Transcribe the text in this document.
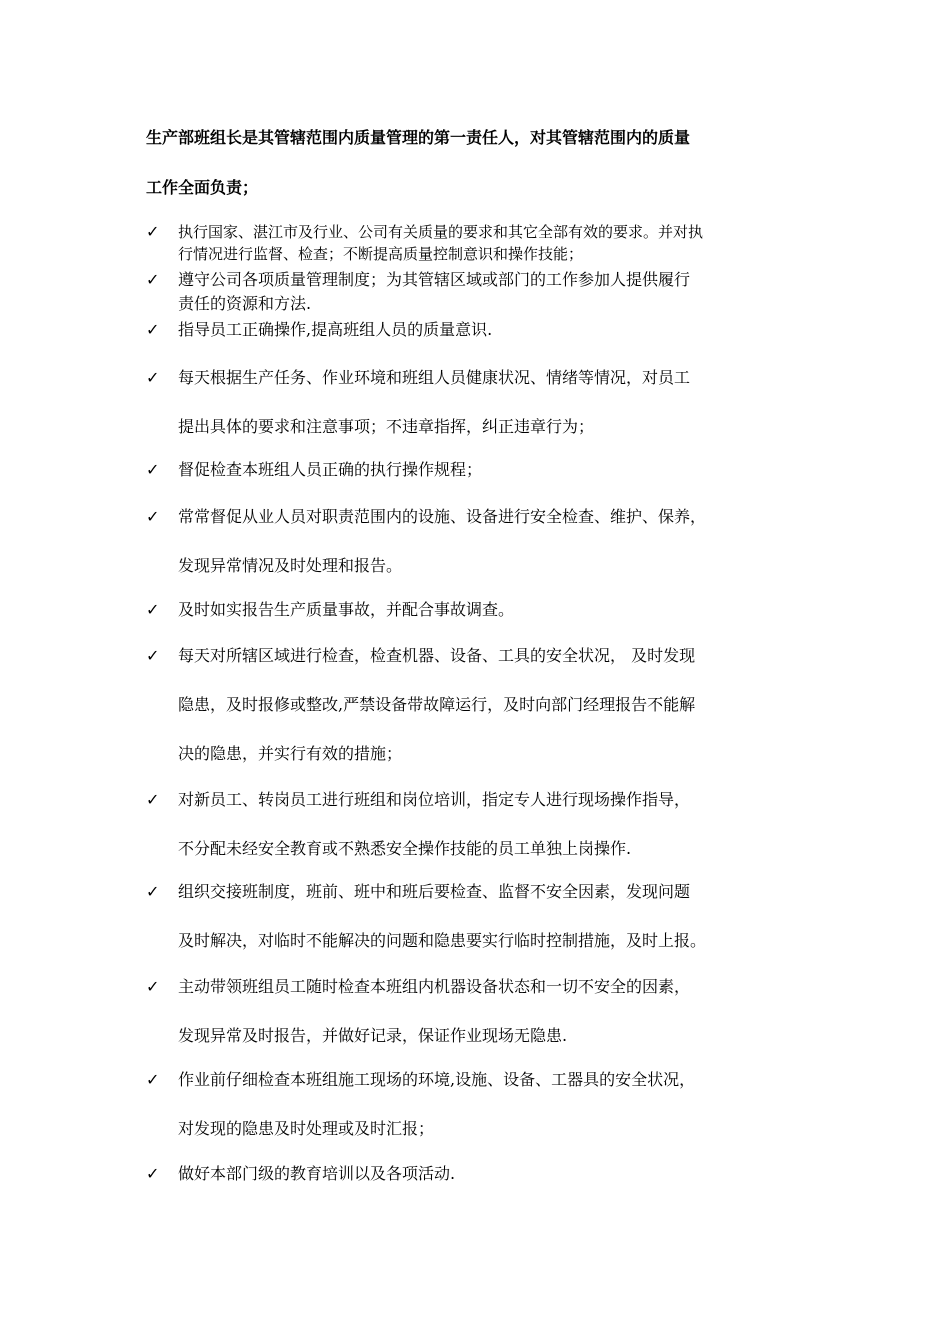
生产部班组长是其管辖范围内质量管理的第一责任人，对其管辖范围内的质量
工作全面负责；
✓ 执行国家、湛江市及行业、公司有关质量的要求和其它全部有效的要求。并对执
行情况进行监督、检查；不断提高质量控制意识和操作技能；
✓ 遵守公司各项质量管理制度；为其管辖区域或部门的工作参加人提供履行
责任的资源和方法.
✓ 指导员工正确操作,提高班组人员的质量意识.
✓ 每天根据生产任务、作业环境和班组人员健康状况、情绪等情况，对员工
提出具体的要求和注意事项；不违章指挥，纠正违章行为；
✓ 督促检查本班组人员正确的执行操作规程；
✓ 常常督促从业人员对职责范围内的设施、设备进行安全检查、维护、保养，
发现异常情况及时处理和报告。
✓ 及时如实报告生产质量事故，并配合事故调查。
✓ 每天对所辖区域进行检查，检查机器、设备、工具的安全状况， 及时发现
隐患，及时报修或整改,严禁设备带故障运行，及时向部门经理报告不能解
决的隐患，并实行有效的措施；
✓ 对新员工、转岗员工进行班组和岗位培训，指定专人进行现场操作指导，
不分配未经安全教育或不熟悉安全操作技能的员工单独上岗操作.
✓ 组织交接班制度，班前、班中和班后要检查、监督不安全因素，发现问题
及时解决，对临时不能解决的问题和隐患要实行临时控制措施，及时上报。
✓ 主动带领班组员工随时检查本班组内机器设备状态和一切不安全的因素，
发现异常及时报告，并做好记录，保证作业现场无隐患.
✓ 作业前仔细检查本班组施工现场的环境,设施、设备、工器具的安全状况，
对发现的隐患及时处理或及时汇报；
✓ 做好本部门级的教育培训以及各项活动.
